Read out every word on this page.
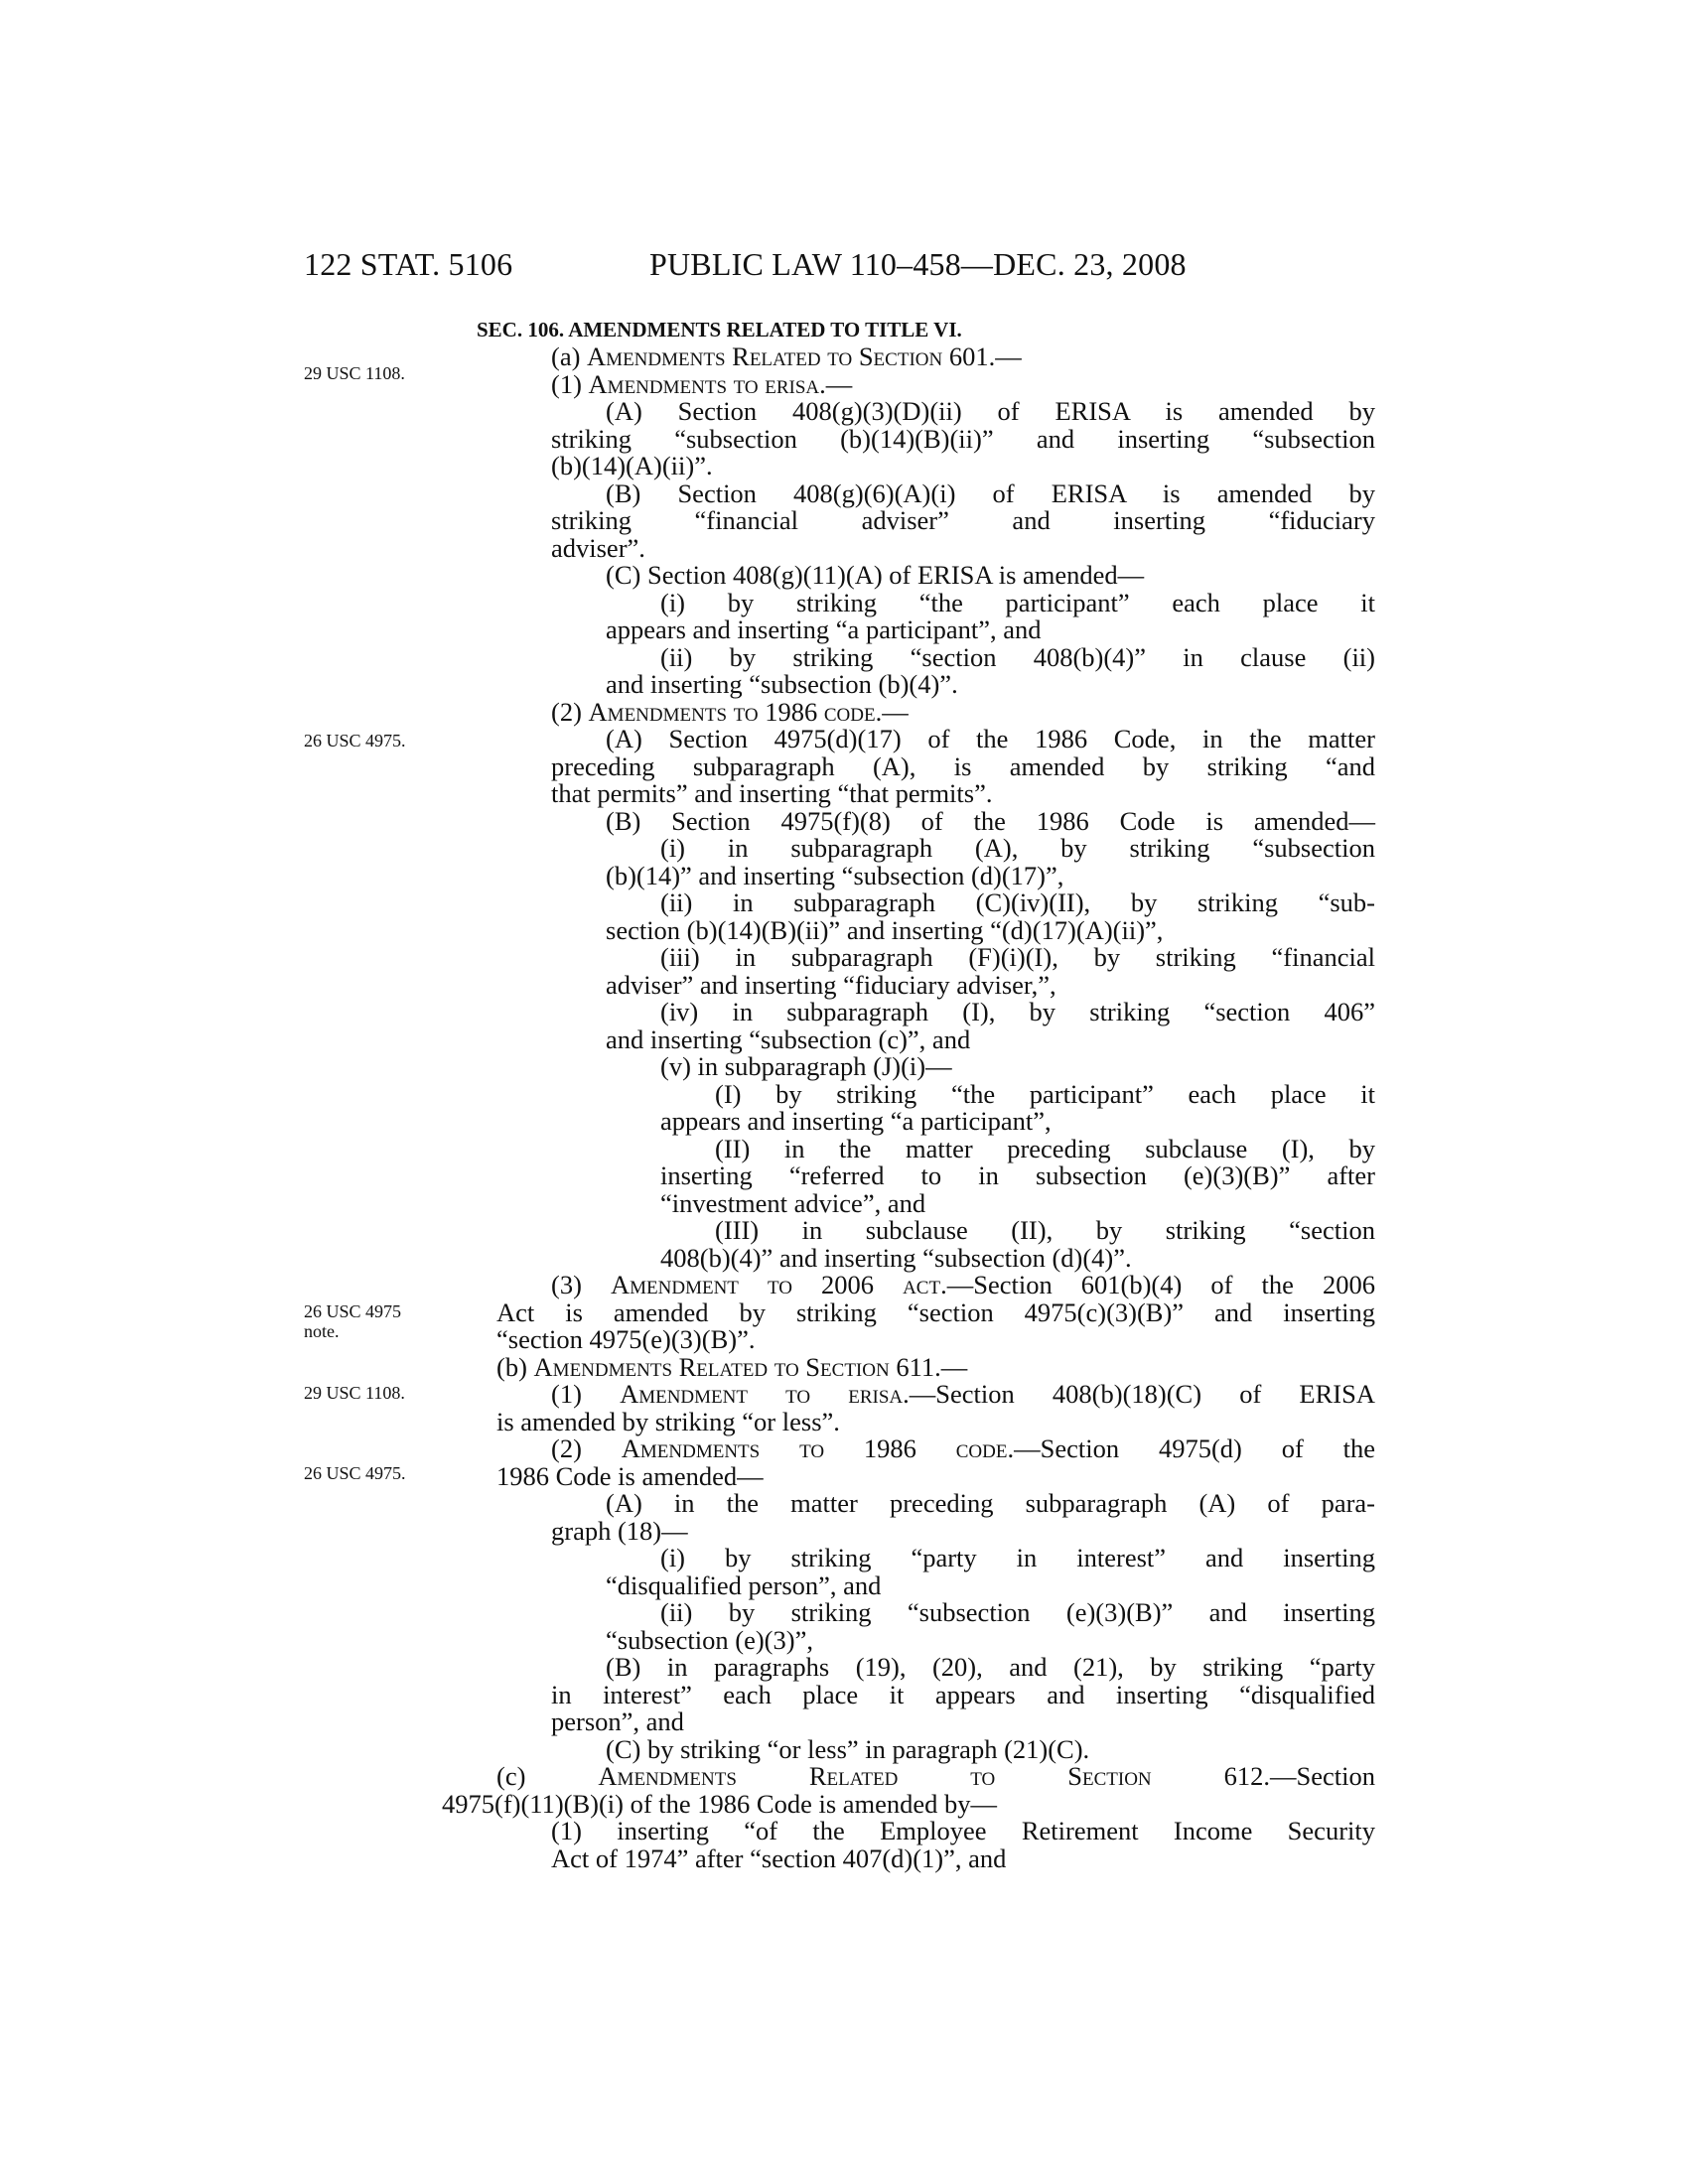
122 STAT. 5106	PUBLIC LAW 110–458—DEC. 23, 2008
SEC. 106. AMENDMENTS RELATED TO TITLE VI.
29 USC 1108.
26 USC 4975.
26 USC 4975
note.
29 USC 1108.
26 USC 4975.
(a) Amendments Related to Section 601.—
(1) Amendments to erisa.—
(A) Section 408(g)(3)(D)(ii) of ERISA is amended by
striking “subsection (b)(14)(B)(ii)” and inserting “subsection
(b)(14)(A)(ii)”.
(B) Section 408(g)(6)(A)(i) of ERISA is amended by
striking “financial adviser” and inserting “fiduciary
adviser”.
(C) Section 408(g)(11)(A) of ERISA is amended—
(i) by striking “the participant” each place it
appears and inserting “a participant”, and
(ii) by striking “section 408(b)(4)” in clause (ii)
and inserting “subsection (b)(4)”.
(2) Amendments to 1986 code.—
(A) Section 4975(d)(17) of the 1986 Code, in the matter
preceding subparagraph (A), is amended by striking “and
that permits” and inserting “that permits”.
(B) Section 4975(f)(8) of the 1986 Code is amended—
(i) in subparagraph (A), by striking “subsection
(b)(14)” and inserting “subsection (d)(17)”,
(ii) in subparagraph (C)(iv)(II), by striking “sub-
section (b)(14)(B)(ii)” and inserting “(d)(17)(A)(ii)”,
(iii) in subparagraph (F)(i)(I), by striking “financial
adviser” and inserting “fiduciary adviser,”,
(iv) in subparagraph (I), by striking “section 406”
and inserting “subsection (c)”, and
(v) in subparagraph (J)(i)—
(I) by striking “the participant” each place it
appears and inserting “a participant”,
(II) in the matter preceding subclause (I), by
inserting “referred to in subsection (e)(3)(B)” after
“investment advice”, and
(III) in subclause (II), by striking “section
408(b)(4)” and inserting “subsection (d)(4)”.
(3) Amendment to 2006 act.—Section 601(b)(4) of the 2006
Act is amended by striking “section 4975(c)(3)(B)” and inserting
“section 4975(e)(3)(B)”.
(b) Amendments Related to Section 611.—
(1) Amendment to erisa.—Section 408(b)(18)(C) of ERISA
is amended by striking “or less”.
(2) Amendments to 1986 code.—Section 4975(d) of the
1986 Code is amended—
(A) in the matter preceding subparagraph (A) of para-
graph (18)—
(i) by striking “party in interest” and inserting
“disqualified person”, and
(ii) by striking “subsection (e)(3)(B)” and inserting
“subsection (e)(3)”,
(B) in paragraphs (19), (20), and (21), by striking “party
in interest” each place it appears and inserting “disqualified
person”, and
(C) by striking “or less” in paragraph (21)(C).
(c) Amendments Related to Section 612.—Section
4975(f)(11)(B)(i) of the 1986 Code is amended by—
(1) inserting “of the Employee Retirement Income Security
Act of 1974” after “section 407(d)(1)”, and
